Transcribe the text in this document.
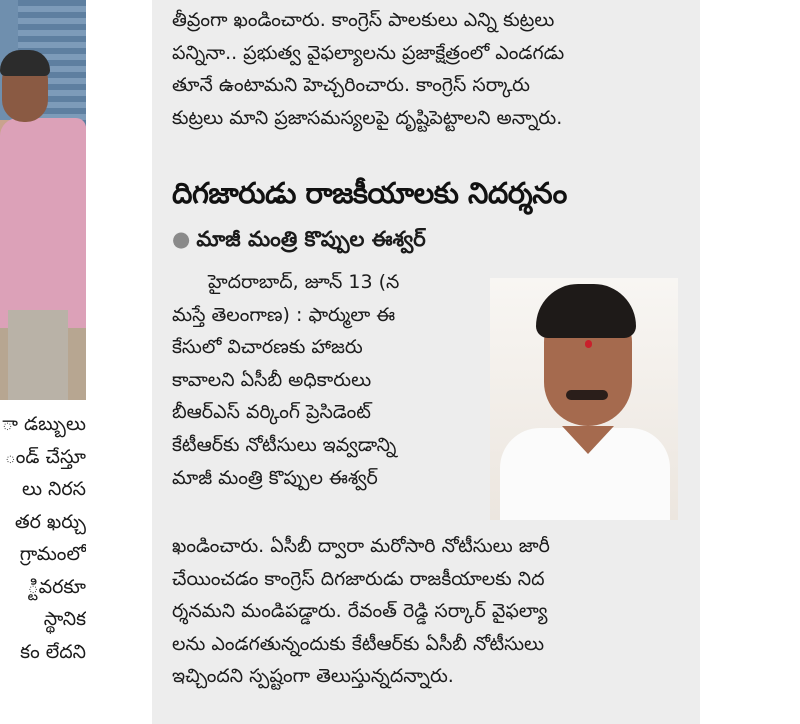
ా డబ్బులు
ండ్ చేస్తూ
లు నిరస
తర ఖర్చు
గ్రామంలో
్టివరకూ
స్థానిక
కం లేదని
తీవ్రంగా ఖండించారు. కాంగ్రెస్ పాలకులు ఎన్ని కుట్రలు
పన్నినా.. ప్రభుత్వ వైఫల్యాలను ప్రజాక్షేత్రంలో ఎండగడు
తూనే ఉంటామని హెచ్చరించారు. కాంగ్రెస్ సర్కారు
కుట్రలు మాని ప్రజాసమస్యలపై దృష్టిపెట్టాలని అన్నారు.
దిగజారుడు రాజకీయాలకు నిదర్శనం
● మాజీ మంత్రి కొప్పుల ఈశ్వర్
హైదరాబాద్, జూన్ 13 (న
మస్తే తెలంగాణ) : ఫార్ములా ఈ
కేసులో విచారణకు హాజరు
కావాలని ఏసీబీ అధికారులు
బీఆర్ఎస్ వర్కింగ్ ప్రెసిడెంట్
కేటీఆర్‌కు నోటీసులు ఇవ్వడాన్ని
మాజీ మంత్రి కొప్పుల ఈశ్వర్
ఖండించారు. ఏసీబీ ద్వారా మరోసారి నోటీసులు జారీ
చేయించడం కాంగ్రెస్ దిగజారుడు రాజకీయాలకు నిద
ర్శనమని మండిపడ్డారు. రేవంత్ రెడ్డి సర్కార్ వైఫల్యా
లను ఎండగతున్నందుకు కేటీఆర్‌కు ఏసీబీ నోటీసులు
ఇచ్చిందని స్పష్టంగా తెలుస్తున్నదన్నారు.
